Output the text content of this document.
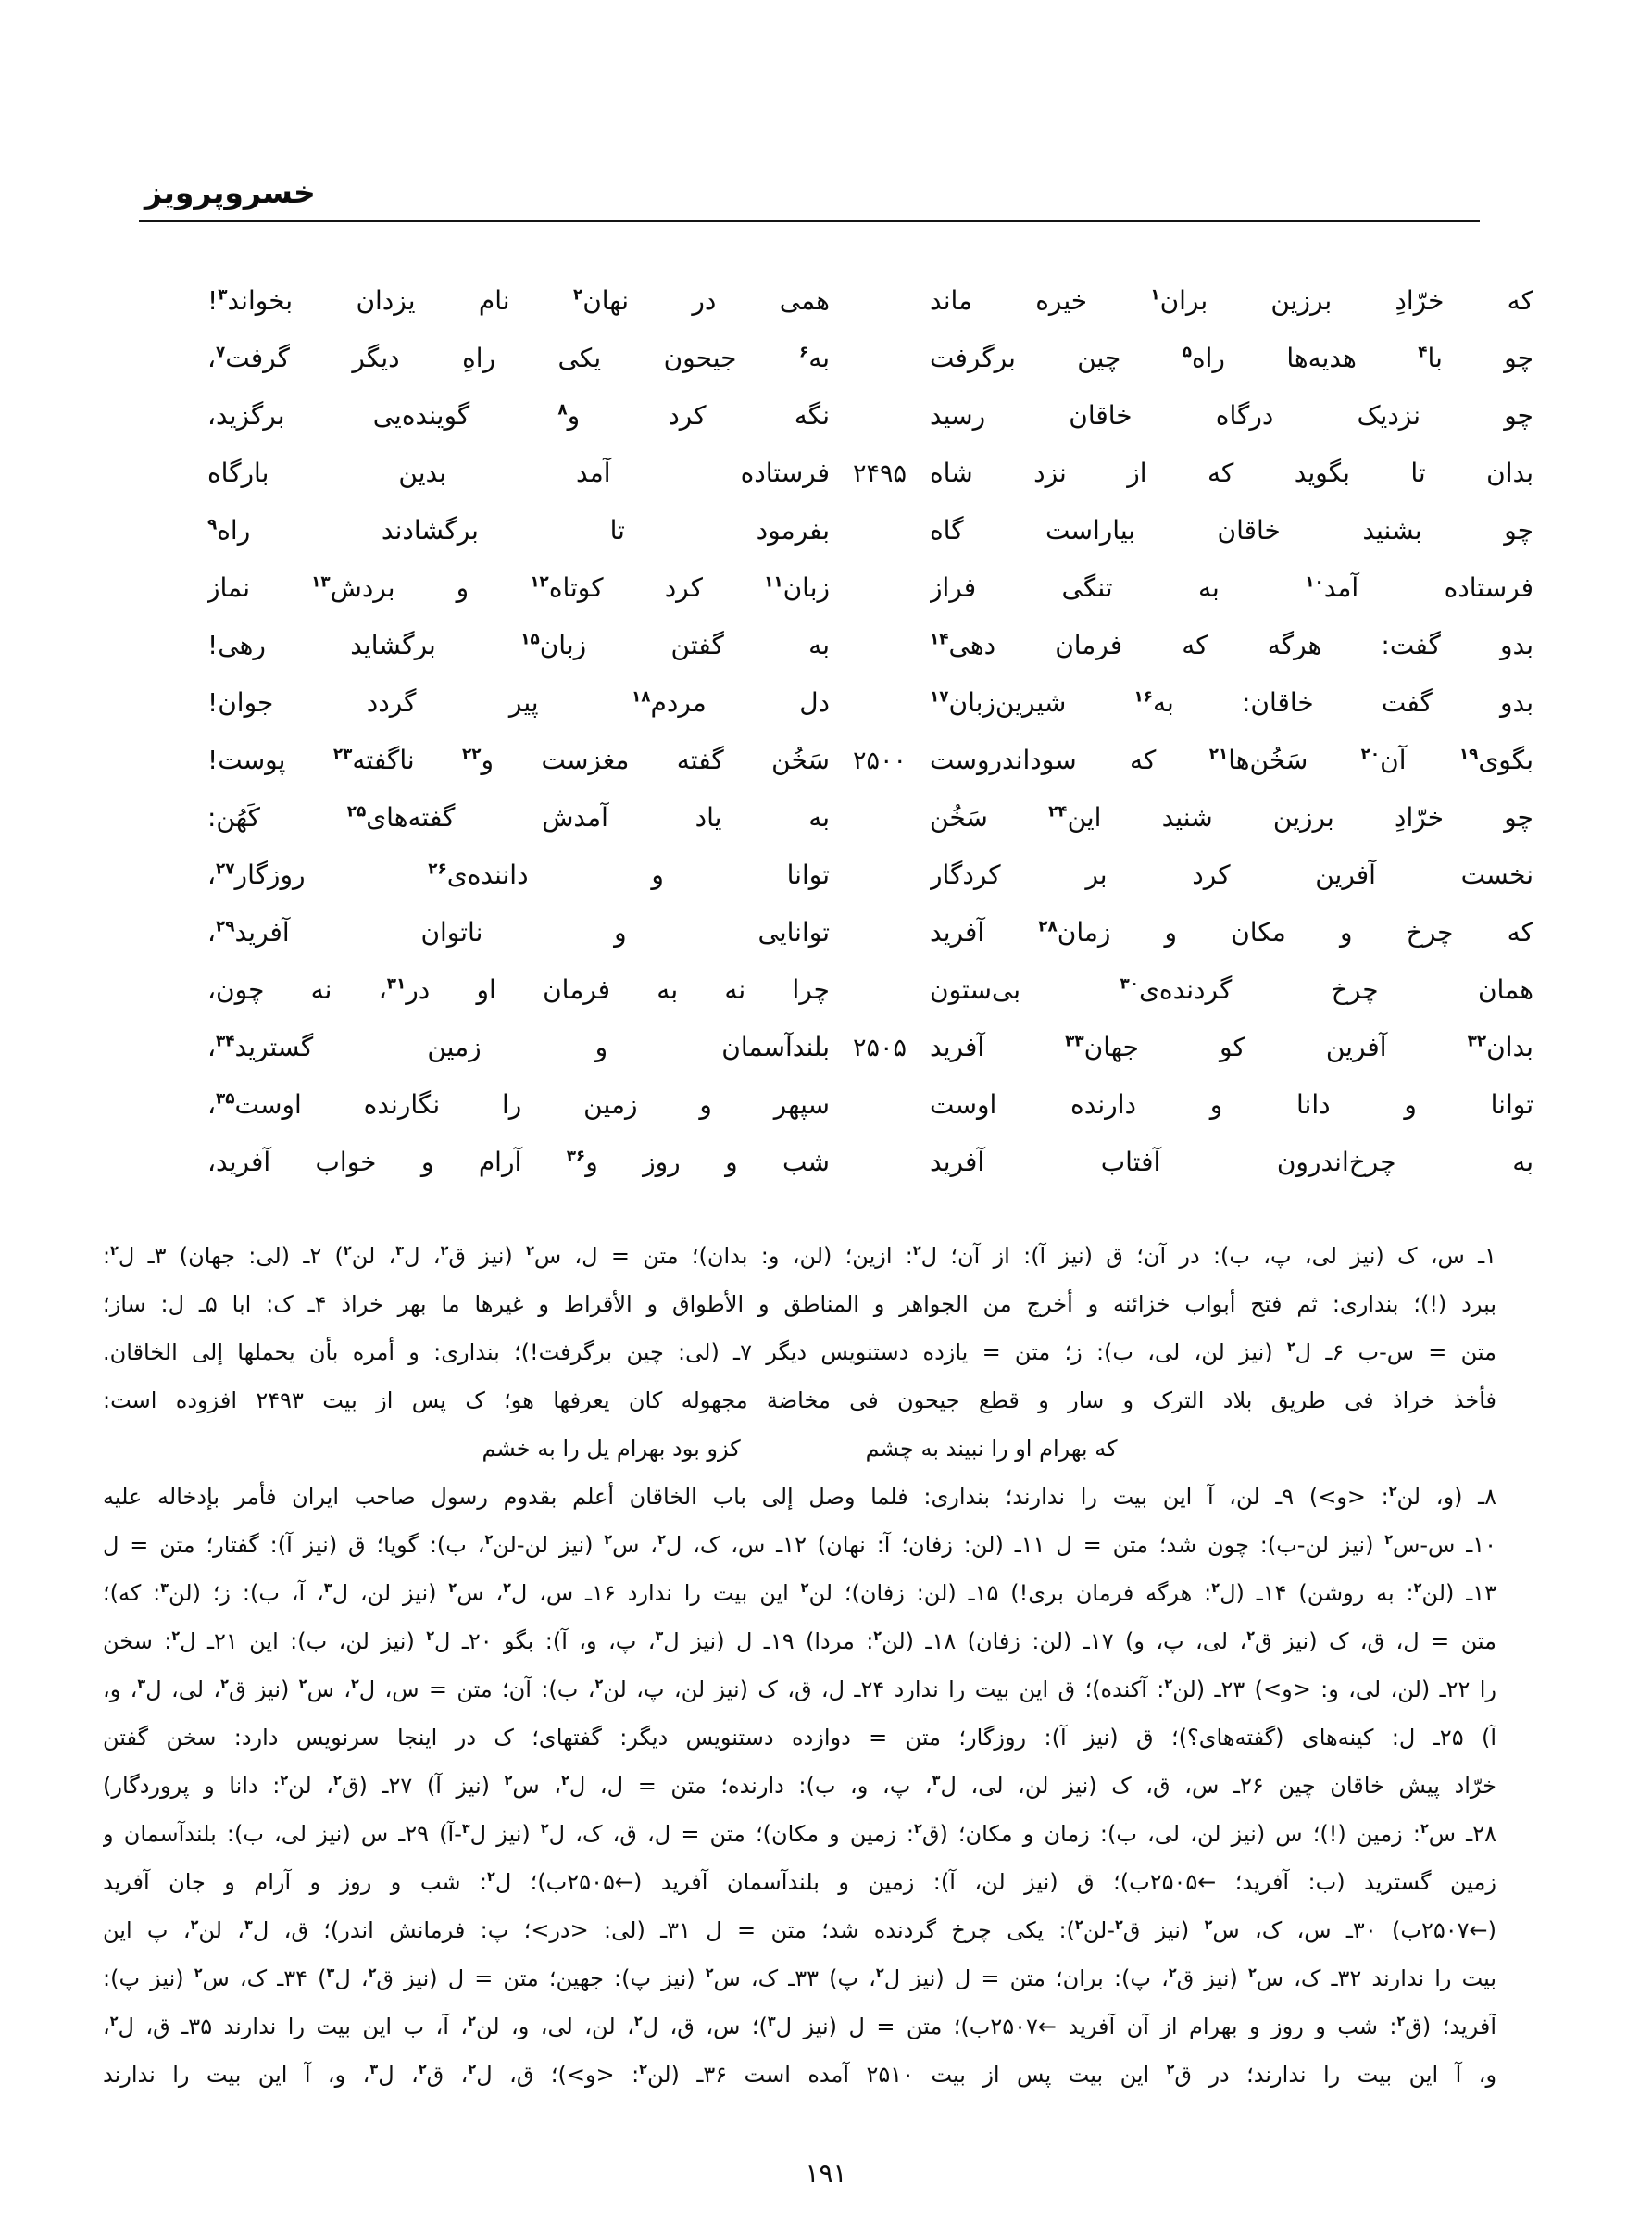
خسروپرویز
که خرّادِ برزین بران$^۱$ خیره ماند
همی در نهان$^۲$ نام یزدان بخواند$^۳$!
چو با$^۴$ هدیه‌ها راه$^۵$ چین برگرفت
به$^۶$ جیحون یکی راهِ دیگر گرفت$^۷$،
چو نزدیک درگاه خاقان رسید
نگه کرد و$^۸$ گوینده‌یی برگزید،
بدان تا بگوید که از نزد شاه
۲۴۹۵
فرستاده آمد بدین بارگاه
چو بشنید خاقان بیاراست گاه
بفرمود تا برگشادند راه$^۹$
فرستاده آمد$^{۱۰}$ به تنگی فراز
زبان$^{۱۱}$ کرد کوتاه$^{۱۲}$ و بردش$^{۱۳}$ نماز
بدو گفت: هرگه که فرمان دهی$^{۱۴}$
به گفتن زبان$^{۱۵}$ برگشاید رهی!
بدو گفت خاقان: به$^{۱۶}$ شیرین‌زبان$^{۱۷}$
دل مردم$^{۱۸}$ پیر گردد جوان!
بگوی$^{۱۹}$ آن$^{۲۰}$ سَخُن‌ها$^{۲۱}$ که سوداندروست
۲۵۰۰
سَخُن گفته مغزست و$^{۲۲}$ ناگفته$^{۲۳}$ پوست!
چو خرّادِ برزین شنید این$^{۲۴}$ سَخُن
به یاد آمدش گفته‌های$^{۲۵}$ کَهُن:
نخست آفرین کرد بر کردگار
توانا و داننده‌ی$^{۲۶}$ روزگار$^{۲۷}$،
که چرخ و مکان و زمان$^{۲۸}$ آفرید
توانایی و ناتوان آفرید$^{۲۹}$،
همان چرخ گردنده‌ی$^{۳۰}$ بی‌ستون
چرا نه به فرمان او در$^{۳۱}$، نه چون،
بدان$^{۳۲}$ آفرین کو جهان$^{۳۳}$ آفرید
۲۵۰۵
بلندآسمان و زمین گسترید$^{۳۴}$،
توانا و دانا و دارنده اوست
سپهر و زمین را نگارنده اوست$^{۳۵}$،
به چرخ‌اندرون آفتاب آفرید
شب و روز و$^{۳۶}$ آرام و خواب آفرید،
۱ـ س، ک (نیز لی، پ، ب): در آن؛ ق (نیز آ): از آن؛ ل$^۲$: ازین؛ (لن، و: بدان)؛ متن = ل، س$^۲$ (نیز ق$^۲$، ل$^۳$، لن$^۲$) ۲ـ (لی: جهان) ۳ـ ل$^۲$:
ببرد (!)؛ بنداری: ثم فتح أبواب خزائنه و أخرج من الجواهر و المناطق و الأطواق و الأقراط و غیرها ما بهر خراذ ۴ـ ک: ابا ۵ـ ل: ساز؛
متن = س-ب ۶ـ ل$^۲$ (نیز لن، لی، ب): ز؛ متن = یازده دستنویس دیگر ۷ـ (لی: چین برگرفت!)؛ بنداری: و أمره بأن یحملها إلی الخاقان.
فأخذ خراذ فی طریق بلاد الترک و سار و قطع جیحون فی مخاضة مجهوله کان یعرفها هو؛ ک پس از بیت ۲۴۹۳ افزوده است:
که بهرام او را نبیند به چشم
کزو بود بهرام یل را به خشم
۸ـ (و، لن$^۲$: <و>) ۹ـ لن، آ این بیت را ندارند؛ بنداری: فلما وصل إلی باب الخاقان أعلم بقدوم رسول صاحب ایران فأمر بإدخاله علیه
۱۰ـ س-س$^۲$ (نیز لن-ب): چون شد؛ متن = ل ۱۱ـ (لن: زفان؛ آ: نهان) ۱۲ـ س، ک، ل$^۲$، س$^۲$ (نیز لن-لن$^۲$، ب): گویا؛ ق (نیز آ): گفتار؛ متن = ل
۱۳ـ (لن$^۲$: به روشن) ۱۴ـ (ل$^۲$: هرگه فرمان بری!) ۱۵ـ (لن: زفان)؛ لن$^۲$ این بیت را ندارد ۱۶ـ س، ل$^۲$، س$^۲$ (نیز لن، ل$^۳$، آ، ب): ز؛ (لن$^۳$: که)؛
متن = ل، ق، ک (نیز ق$^۲$، لی، پ، و) ۱۷ـ (لن: زفان) ۱۸ـ (لن$^۲$: مردا) ۱۹ـ ل (نیز ل$^۳$، پ، و، آ): بگو ۲۰ـ ل$^۲$ (نیز لن، ب): این ۲۱ـ ل$^۲$: سخن
را ۲۲ـ (لن، لی، و: <و>) ۲۳ـ (لن$^۲$: آکنده)؛ ق این بیت را ندارد ۲۴ـ ل، ق، ک (نیز لن، پ، لن$^۲$، ب): آن؛ متن = س، ل$^۲$، س$^۲$ (نیز ق$^۲$، لی، ل$^۳$، و،
آ) ۲۵ـ ل: کینه‌های (گفته‌های؟)؛ ق (نیز آ): روزگار؛ متن = دوازده دستنویس دیگر: گفتهای؛ ک در اینجا سرنویس دارد: سخن گفتن
خرّاد پیش خاقان چین ۲۶ـ س، ق، ک (نیز لن، لی، ل$^۳$، پ، و، ب): دارنده؛ متن = ل، ل$^۲$، س$^۲$ (نیز آ) ۲۷ـ (ق$^۲$، لن$^۲$: دانا و پروردگار)
۲۸ـ س$^۲$: زمین (!)؛ س (نیز لن، لی، ب): زمان و مکان؛ (ق$^۲$: زمین و مکان)؛ متن = ل، ق، ک، ل$^۲$ (نیز ل$^۳$-آ) ۲۹ـ س (نیز لی، ب): بلندآسمان و
زمین گسترید (ب: آفرید؛ ←۲۵۰۵ب)؛ ق (نیز لن، آ): زمین و بلندآسمان آفرید (←۲۵۰۵ب)؛ ل$^۲$: شب و روز و آرام و جان آفرید
(←۲۵۰۷ب) ۳۰ـ س، ک، س$^۲$ (نیز ق$^۲$-لن$^۲$): یکی چرخ گردنده شد؛ متن = ل ۳۱ـ (لی: <در>؛ پ: فرمانش اندر)؛ ق، ل$^۳$، لن$^۲$، پ این
بیت را ندارند ۳۲ـ ک، س$^۲$ (نیز ق$^۲$، پ): بران؛ متن = ل (نیز ل$^۲$، پ) ۳۳ـ ک، س$^۲$ (نیز پ): جهین؛ متن = ل (نیز ق$^۲$، ل$^۳$) ۳۴ـ ک، س$^۲$ (نیز پ):
آفرید؛ (ق$^۲$: شب و روز و بهرام از آن آفرید ←۲۵۰۷ب)؛ متن = ل (نیز ل$^۳$)؛ س، ق، ل$^۲$، لن، لی، و، لن$^۲$، آ، ب این بیت را ندارند ۳۵ـ ق، ل$^۲$،
و، آ این بیت را ندارند؛ در ق$^۲$ این بیت پس از بیت ۲۵۱۰ آمده است ۳۶ـ (لن$^۲$: <و>)؛ ق، ل$^۲$، ق$^۲$، ل$^۳$، و، آ این بیت را ندارند
۱۹۱
